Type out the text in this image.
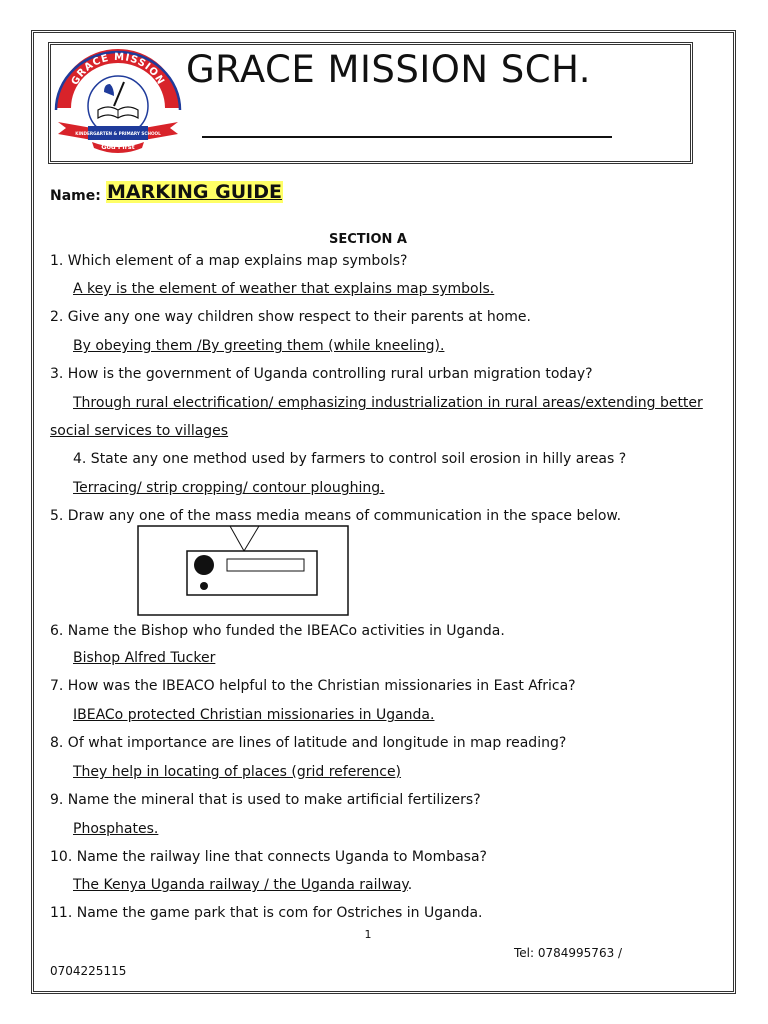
GRACE MISSION
KINDERGARTEN & PRIMARY SCHOOL
God First
GRACE MISSION SCH.
Name: MARKING GUIDE
SECTION A
1. Which element of a map explains map symbols?
A key is the element of weather that explains map symbols.
2. Give any one way children show respect to their parents at home.
By obeying them /By greeting them (while kneeling).
3. How is the government of Uganda controlling rural urban migration today?
Through rural electrification/ emphasizing industrialization in rural areas/extending better
social services to villages
4. State any one method used by farmers to control soil erosion in hilly areas ?
Terracing/ strip cropping/ contour ploughing.
5. Draw any one of the mass media means of communication in the space below.
6. Name the Bishop who funded the IBEACo activities in Uganda.
Bishop Alfred Tucker
7. How was the IBEACO helpful to the Christian missionaries in East Africa?
IBEACo protected Christian missionaries in Uganda.
8. Of what importance are lines of latitude and longitude in map reading?
They help in locating of places (grid reference)
9. Name the mineral that is used to make artificial fertilizers?
Phosphates.
10. Name the railway line that connects Uganda to Mombasa?
The Kenya Uganda railway / the Uganda railway.
11. Name the game park that is com for Ostriches in Uganda.
1
Tel: 0784995763 /
0704225115
